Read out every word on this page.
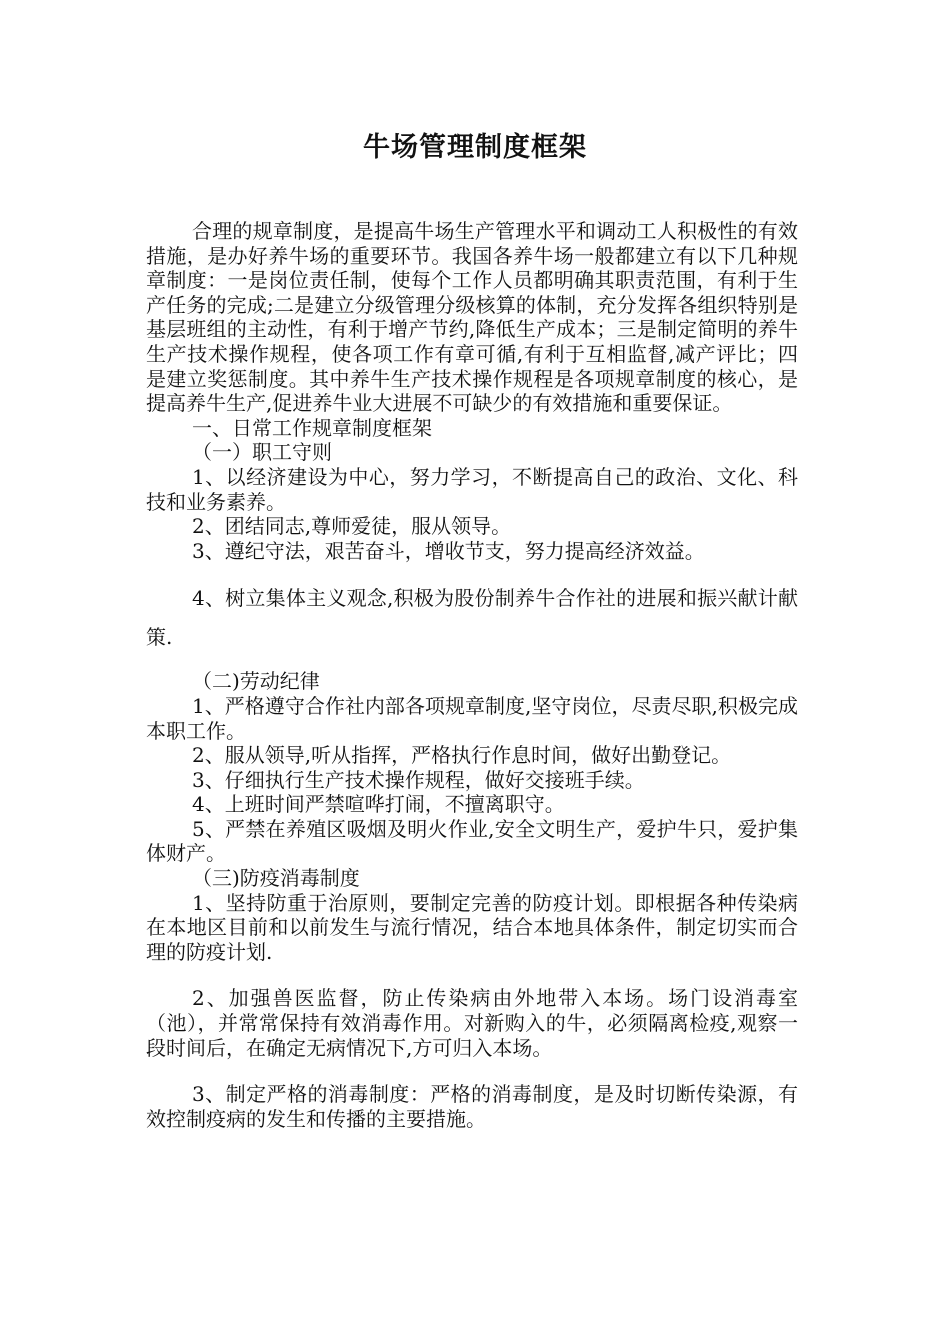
牛场管理制度框架

合理的规章制度，是提高牛场生产管理水平和调动工人积极性的有效措施，是办好养牛场的重要环节。我国各养牛场一般都建立有以下几种规章制度：一是岗位责任制，使每个工作人员都明确其职责范围，有利于生产任务的完成;二是建立分级管理分级核算的体制，充分发挥各组织特别是基层班组的主动性，有利于增产节约,降低生产成本；三是制定简明的养牛生产技术操作规程，使各项工作有章可循,有利于互相监督,减产评比；四是建立奖惩制度。其中养牛生产技术操作规程是各项规章制度的核心，是提高养牛生产,促进养牛业大进展不可缺少的有效措施和重要保证。

一、日常工作规章制度框架

（一）职工守则

1、以经济建设为中心，努力学习，不断提高自己的政治、文化、科技和业务素养。

2、团结同志,尊师爱徒，服从领导。

3、遵纪守法，艰苦奋斗，增收节支，努力提高经济效益。

4、树立集体主义观念,积极为股份制养牛合作社的进展和振兴献计献策.

（二)劳动纪律

1、严格遵守合作社内部各项规章制度,坚守岗位，尽责尽职,积极完成本职工作。

2、服从领导,听从指挥，严格执行作息时间，做好出勤登记。

3、仔细执行生产技术操作规程，做好交接班手续。

4、上班时间严禁喧哗打闹，不擅离职守。

5、严禁在养殖区吸烟及明火作业,安全文明生产，爱护牛只，爱护集体财产。

（三)防疫消毒制度

1、坚持防重于治原则，要制定完善的防疫计划。即根据各种传染病在本地区目前和以前发生与流行情况，结合本地具体条件，制定切实而合理的防疫计划.

2、加强兽医监督，防止传染病由外地带入本场。场门设消毒室（池），并常常保持有效消毒作用。对新购入的牛，必须隔离检疫,观察一段时间后，在确定无病情况下,方可归入本场。

3、制定严格的消毒制度：严格的消毒制度，是及时切断传染源，有效控制疫病的发生和传播的主要措施。
